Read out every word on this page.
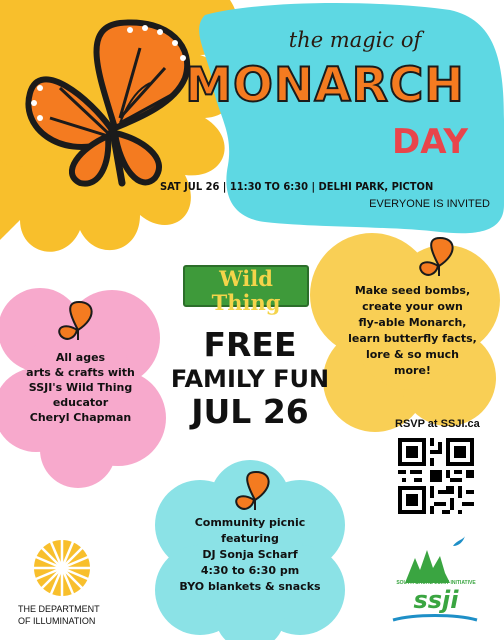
the magic of
MONARCH
DAY
SAT JUL 26 | 11:30 TO 6:30 | DELHI PARK, PICTON
EVERYONE IS INVITED
Wild Thing
A CELEBRATION OF BIODIVERSITY
FREE
FAMILY FUN
JUL 26
All ages
arts & crafts with
SSJI's Wild Thing
educator
Cheryl Chapman
Make seed bombs,
create your own
fly-able Monarch,
learn butterfly facts,
lore & so much
more!
Community picnic
featuring
DJ Sonja Scharf
4:30 to 6:30 pm
BYO blankets & snacks
RSVP at SSJI.ca
THE DEPARTMENT
OF ILLUMINATION
SOUTH SHORE JOINT INITIATIVE
ssji
